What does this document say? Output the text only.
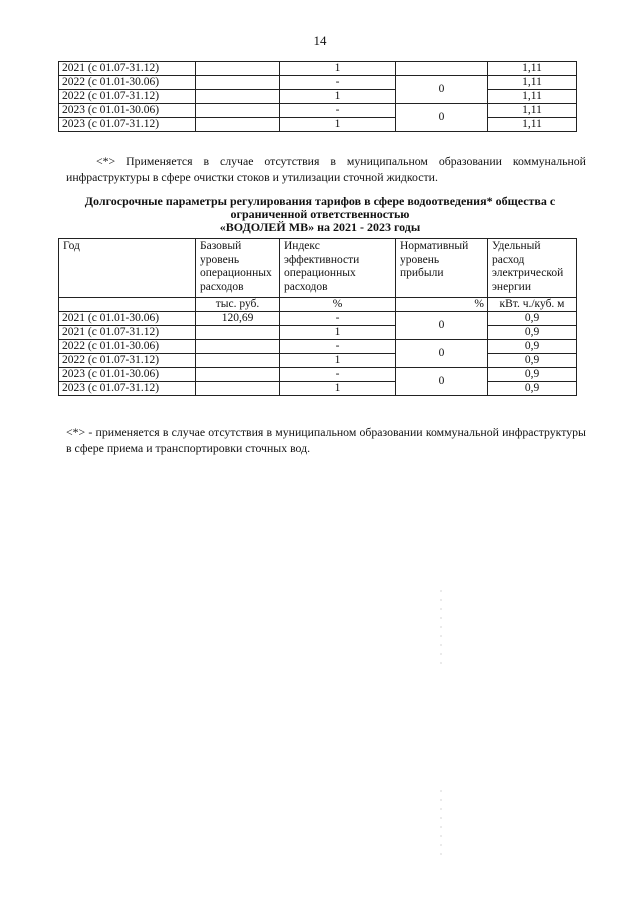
14
2021 (с 01.07-31.12)		1		1,11
2022 (с 01.01-30.06)		-	0	1,11
2022 (с 01.07-31.12)		1		1,11
2023 (с 01.01-30.06)		-	0	1,11
2023 (с 01.07-31.12)		1		1,11
<*> Применяется в случае отсутствия в муниципальном образовании коммунальной инфраструктуры в сфере очистки стоков и утилизации сточной жидкости.
Долгосрочные параметры регулирования тарифов в сфере водоотведения* общества с
ограниченной ответственностью
«ВОДОЛЕЙ МВ» на 2021 - 2023 годы
Год	Базовый уровень операционных расходов	Индекс эффективности операционных расходов	Нормативный уровень прибыли	Удельный расход электрической энергии
	тыс. руб.	%	%	кВт. ч./куб. м
2021 (с 01.01-30.06)	120,69	-	0	0,9
2021 (с 01.07-31.12)		1		0,9
2022 (с 01.01-30.06)		-	0	0,9
2022 (с 01.07-31.12)		1		0,9
2023 (с 01.01-30.06)		-	0	0,9
2023 (с 01.07-31.12)		1		0,9
<*> - применяется в случае отсутствия в муниципальном образовании коммунальной инфраструктуры в сфере приема и транспортировки сточных вод.
